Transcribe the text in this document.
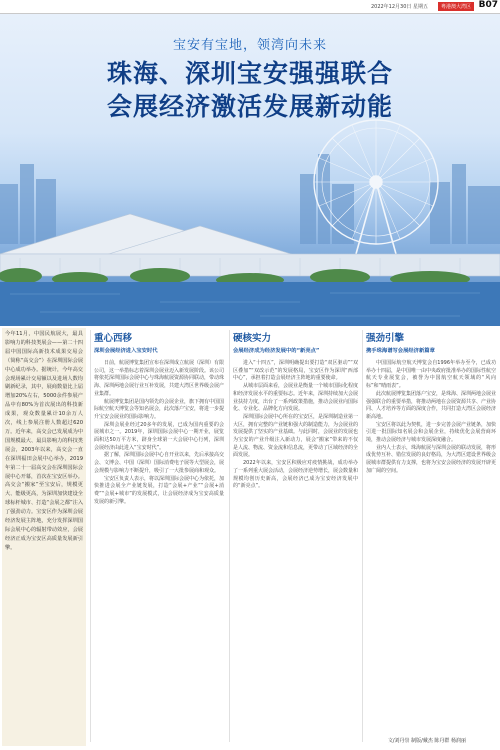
2022年12月30日 星期五	粤港澳大湾区 B07
宝安有宝地，领湾向未来
珠海、深圳宝安强强联合
会展经济激活发展新动能

今年11月，中国民航展大，最具影响力的科技类展会——第二十四届中国国际高新技术成果交易会（简称“高交会”）在深圳国际会展中心成功举办。据统计，今年高交会现场累计交易额以及进场人数均刷新纪录，其中，展商数量比上届增加20%左右，5000余件参展产品中有80%为首次展出的科技新成果，观众数量累计10余万人次，线上参展注册人数超过620万。近年来，高交会已发展成为中国规模最大、最具影响力的科技类展会，2003年以来，高交会一直在深圳福田会展中心举办，2019年第二十一届高交会在深圳国际会展中心开幕，首次在宝安区举办。高交会“搬家”至宝安后，规模更大、能级更高，为深圳加快建设全球标杆城市、打造“会展之都”注入了强劲动力。宝安区作为深圳会展经济发展主阵地，充分发挥深圳国际会展中心的辐射带动效应，会展经济正成为宝安区高质量发展新引擎。

重心西移
深圳会展经济进入宝安时代

日前，航展博览集团宣布在深圳成立航展（深圳）有限公司，这一举措标志着深圳会展业迈入新发展阶段。该公司将依托深圳国际会展中心与珠海航展资源协同联动，带动珠海、深圳两地会展行业互补发展，共建大湾区世界级会展产业集群。

航展博览集团是国内领先的会展企业，旗下拥有中国国际航空航天博览会等知名展会，此次落户宝安，将进一步提升宝安会展业的国际影响力。

深圳会展业经过20多年的发展，已成为国内重要的会展城市之一。2019年，深圳国际会展中心一期开业，展览面积达50万平方米，跻身全球第一大会展中心行列，深圳会展经济由此进入“宝安时代”。

据了解，深圳国际会展中心自开业以来，先后承接高交会、文博会、中国（深圳）国际消费电子展等大型展会，展会规模与影响力不断提升，吸引了一大批参展商和观众。

宝安区负责人表示，将以深圳国际会展中心为依托，加快推进会展全产业链发展，打造“会展+产业”“会展+消费”“会展+城市”的发展模式，让会展经济成为宝安高质量发展的新引擎。

硬核实力
会展经济成为经济发展中的“新亮点”

进入“十四五”，深圳明确提出要打造“双区驱动”“双区叠加”“双改示范”的发展格局，宝安区作为深圳“西部中心”，承担着打造会展经济主阵地的重要使命。

从城市层面来看，会展业是衡量一个城市国际化程度和经济发展水平的重要标志。近年来，深圳持续加大会展业扶持力度，出台了一系列政策措施，推动会展业向国际化、专业化、品牌化方向发展。

深圳国际会展中心所在的宝安区，是深圳制造业第一大区，拥有完整的产业链和强大的制造能力，为会展业的发展提供了坚实的产业基础。与此同时，会展业的发展也为宝安的产业升级注入新动力，展会“搬家”带来的不仅是人流、物流、资金流和信息流，更带动了区域经济的全面发展。

2022年以来，宝安区积极应对疫情挑战，成功举办了一系列重大展会活动，会展经济逆势增长，展会数量和规模均创历史新高，会展经济已成为宝安经济发展中的“新亮点”。

强劲引擎
携手珠海谱写会展经济新篇章

中国国际航空航天博览会自1996年举办至今，已成功举办十四届，是中国唯一由中央政府批准举办的国际性航空航天专业展览会，被誉为中国航空航天领域的“风向标”和“晴雨表”。

此次航展博览集团落户宝安，是珠海、深圳两地会展业强强联合的重要举措，将推动两地在会展资源共享、产业协同、人才培养等方面的深度合作，共同打造大湾区会展经济新高地。

宝安区将以此为契机，进一步完善会展产业链条，加快引进一批国际知名展会和会展企业，持续优化会展营商环境，推动会展经济与城市发展深度融合。

业内人士表示，珠海航展与深圳会展的联动发展，将形成优势互补、错位发展的良好格局，为大湾区建设世界级会展城市群提供有力支撑，也将为宝安会展经济的发展开辟更加广阔的空间。

文/刘丹崇 制版/戴杰 陈丹群 杨润丽
